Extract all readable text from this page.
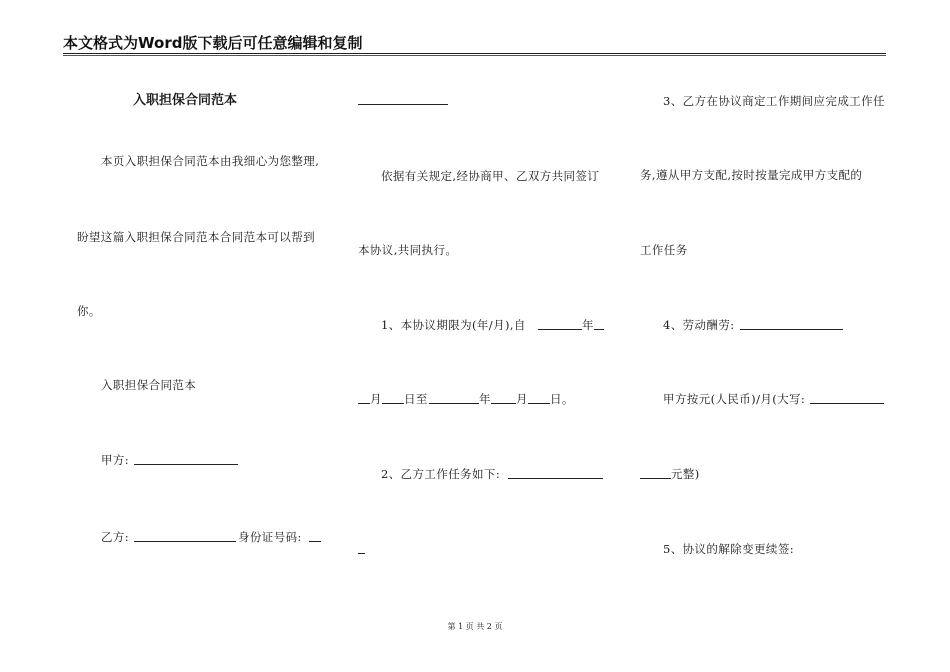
本文格式为Word版下载后可任意编辑和复制
入职担保合同范本
本页入职担保合同范本由我细心为您整理,
盼望这篇入职担保合同范本合同范本可以帮到
你。
入职担保合同范本
甲方:
乙方:	身份证号码:
依据有关规定,经协商甲、乙双方共同签订
本协议,共同执行。
1、本协议期限为(年/月),自	年
月 日至	年 月 日。
2、乙方工作任务如下:
3、乙方在协议商定工作期间应完成工作任
务,遵从甲方支配,按时按量完成甲方支配的
工作任务
4、劳动酬劳:
甲方按元(人民币)/月(大写:
元整)
5、协议的解除变更续签:
第 1 页 共 2 页
